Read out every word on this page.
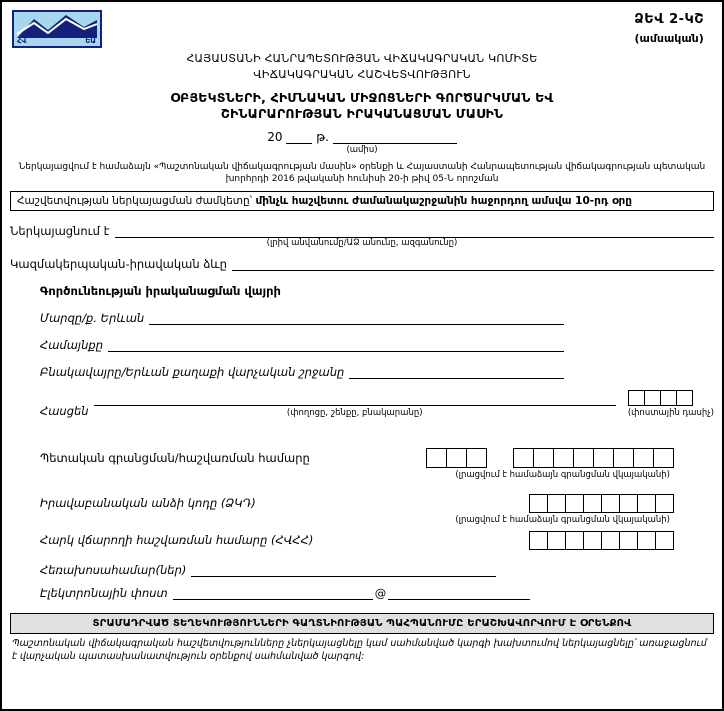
ՀՎ	ԵԱ
ՁԵՎ 2-ԿՇ
(ամսական)
ՀԱՅԱՍՏԱՆԻ ՀԱՆՐԱՊԵՏՈՒԹՅԱՆ ՎԻՃԱԿԱԳՐԱԿԱՆ ԿՈՄԻՏԵ
ՎԻՃԱԿԱԳՐԱԿԱՆ ՀԱՇՎԵՏՎՈՒԹՅՈՒՆ
ՕԲՅԵԿՏՆԵՐԻ, ՀԻՄՆԱԿԱՆ ՄԻՋՈՑՆԵՐԻ ԳՈՐԾԱՐԿՄԱՆ ԵՎ
ՇԻՆԱՐԱՐՈՒԹՅԱՆ ԻՐԱԿԱՆԱՑՄԱՆ ՄԱՍԻՆ
20	թ.
(ամիս)
Ներկայացվում է համաձայն «Պաշտոնական վիճակագրության մասին» օրենքի և Հայաստանի Հանրապետության վիճակագրության պետական խորհրդի 2016 թվականի հունիսի 20-ի թիվ 05-Ն որոշման
Հաշվետվության ներկայացման ժամկետը՝ մինչև հաշվետու ժամանակաշրջանին հաջորդող ամսվա 10-րդ օրը
Ներկայացնում է
(լրիվ անվանումը/ԱՁ անունը, ազգանունը)
Կազմակերպական-իրավական ձևը
Գործունեության իրականացման վայրի
Մարզը/ք. Երևան
Համայնքը
Բնակավայրը/Երևան քաղաքի վարչական շրջանը
Հասցեն	(փողոցը, շենքը, բնակարանը)	(փոստային դասիչ)
Պետական գրանցման/հաշվառման համարը
(լրացվում է համաձայն գրանցման վկայականի)
Իրավաբանական անձի կոդը (ՁԿԴ)
(լրացվում է համաձայն գրանցման վկայականի)
Հարկ վճարողի հաշվառման համարը (ՀՎՀՀ)
Հեռախոսահամար(ներ)
Էլեկտրոնային փոստ	@
ՏՐԱՄԱԴՐՎԱԾ ՏԵՂԵԿՈՒԹՅՈՒՆՆԵՐԻ ԳԱՂՏՆԻՈՒԹՅԱՆ ՊԱՀՊԱՆՈՒՄԸ ԵՐԱՇԽԱՎՈՐՎՈՒՄ Է ՕՐԵՆՔՈՎ
Պաշտոնական վիճակագրական հաշվետվությունները չներկայացնելը կամ սահմանված կարգի խախտումով ներկայացնելը՝ առաջացնում է վարչական պատասխանատվություն օրենքով սահմանված կարգով:
